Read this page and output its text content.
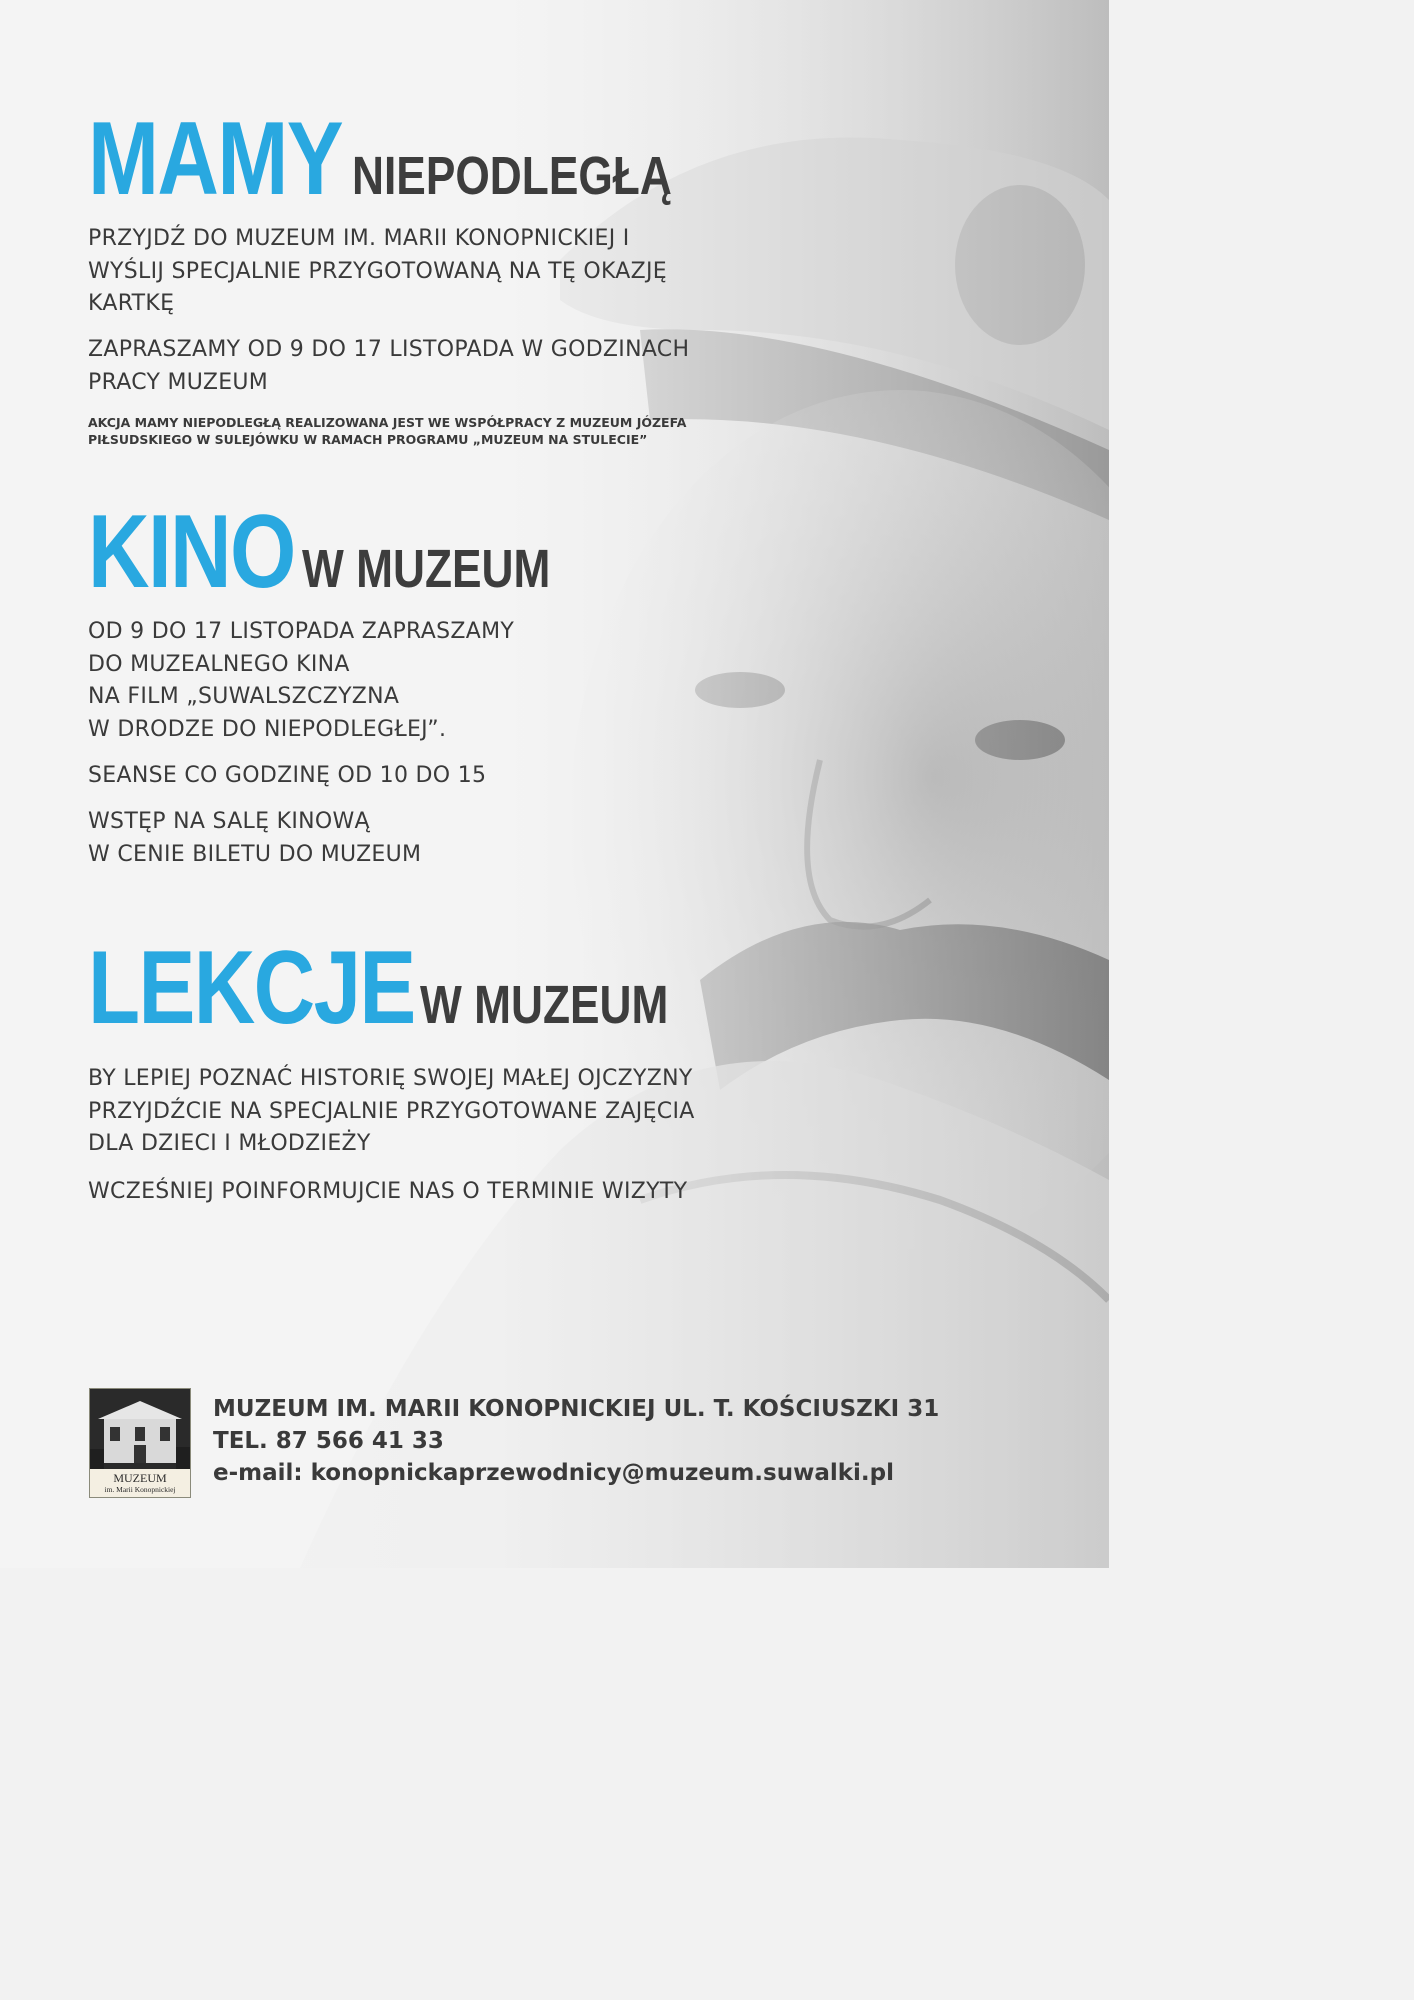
MAMY NIEPODLEGŁĄ

PRZYJDŹ DO MUZEUM IM. MARII KONOPNICKIEJ I
WYŚLIJ SPECJALNIE PRZYGOTOWANĄ NA TĘ OKAZJĘ
KARTKĘ

ZAPRASZAMY OD 9 DO 17 LISTOPADA W GODZINACH
PRACY MUZEUM

AKCJA MAMY NIEPODLEGŁĄ REALIZOWANA JEST WE WSPÓŁPRACY Z MUZEUM JÓZEFA
PIŁSUDSKIEGO W SULEJÓWKU W RAMACH PROGRAMU „MUZEUM NA STULECIE”

KINO W MUZEUM

OD 9 DO 17 LISTOPADA ZAPRASZAMY
DO MUZEALNEGO KINA
NA FILM „SUWALSZCZYZNA
W DRODZE DO NIEPODLEGŁEJ”.

SEANSE CO GODZINĘ OD 10 DO 15

WSTĘP NA SALĘ KINOWĄ
W CENIE BILETU DO MUZEUM

LEKCJE W MUZEUM

BY LEPIEJ POZNAĆ HISTORIĘ SWOJEJ MAŁEJ OJCZYZNY
PRZYJDŹCIE NA SPECJALNIE PRZYGOTOWANE ZAJĘCIA
DLA DZIECI I MŁODZIEŻY

WCZEŚNIEJ POINFORMUJCIE NAS O TERMINIE WIZYTY

MUZEUM
im. Marii Konopnickiej

MUZEUM IM. MARII KONOPNICKIEJ UL. T. KOŚCIUSZKI 31

TEL. 87 566 41 33

e-mail: konopnickaprzewodnicy@muzeum.suwalki.pl
